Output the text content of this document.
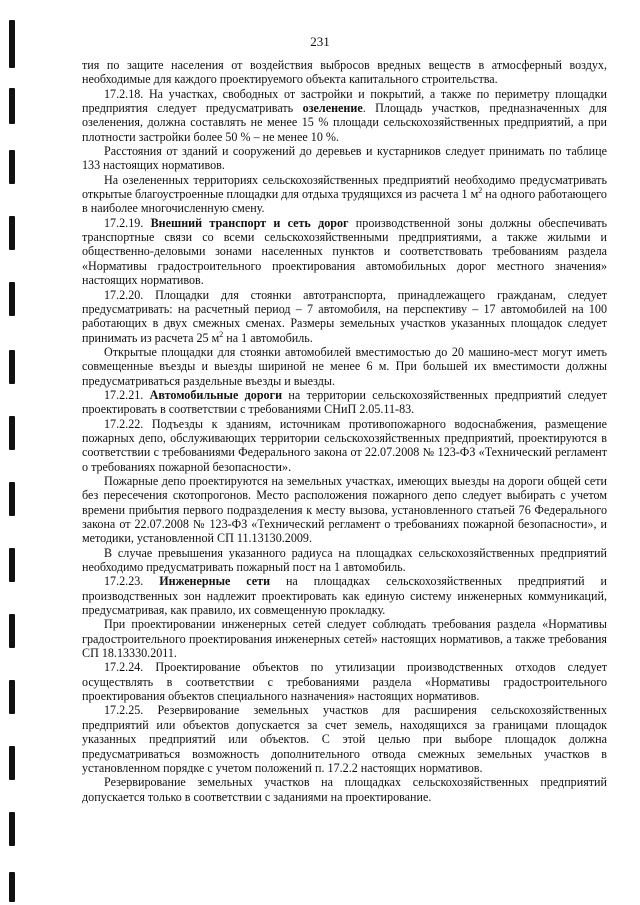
231

тия по защите населения от воздействия выбросов вредных веществ в атмосферный воздух, необходимые для каждого проектируемого объекта капитального строительства.

17.2.18. На участках, свободных от застройки и покрытий, а также по периметру площадки предприятия следует предусматривать озеленение. Площадь участков, предназначенных для озеленения, должна составлять не менее 15 % площади сельскохозяйственных предприятий, а при плотности застройки более 50 % – не менее 10 %.

Расстояния от зданий и сооружений до деревьев и кустарников следует принимать по таблице 133 настоящих нормативов.

На озелененных территориях сельскохозяйственных предприятий необходимо предусматривать открытые благоустроенные площадки для отдыха трудящихся из расчета 1 $м^2$ на одного работающего в наиболее многочисленную смену.

17.2.19. Внешний транспорт и сеть дорог производственной зоны должны обеспечивать транспортные связи со всеми сельскохозяйственными предприятиями, а также жилыми и общественно-деловыми зонами населенных пунктов и соответствовать требованиям раздела «Нормативы градостроительного проектирования автомобильных дорог местного значения» настоящих нормативов.

17.2.20. Площадки для стоянки автотранспорта, принадлежащего гражданам, следует предусматривать: на расчетный период – 7 автомобиля, на перспективу – 17 автомобилей на 100 работающих в двух смежных сменах. Размеры земельных участков указанных площадок следует принимать из расчета 25 $м^2$ на 1 автомобиль.

Открытые площадки для стоянки автомобилей вместимостью до 20 машино-мест могут иметь совмещенные въезды и выезды шириной не менее 6 м. При большей их вместимости должны предусматриваться раздельные въезды и выезды.

17.2.21. Автомобильные дороги на территории сельскохозяйственных предприятий следует проектировать в соответствии с требованиями СНиП 2.05.11-83.

17.2.22. Подъезды к зданиям, источникам противопожарного водоснабжения, размещение пожарных депо, обслуживающих территории сельскохозяйственных предприятий, проектируются в соответствии с требованиями Федерального закона от 22.07.2008 № 123-ФЗ «Технический регламент о требованиях пожарной безопасности».

Пожарные депо проектируются на земельных участках, имеющих выезды на дороги общей сети без пересечения скотопрогонов. Место расположения пожарного депо следует выбирать с учетом времени прибытия первого подразделения к месту вызова, установленного статьей 76 Федерального закона от 22.07.2008 № 123-ФЗ «Технический регламент о требованиях пожарной безопасности», и методики, установленной СП 11.13130.2009.

В случае превышения указанного радиуса на площадках сельскохозяйственных предприятий необходимо предусматривать пожарный пост на 1 автомобиль.

17.2.23. Инженерные сети на площадках сельскохозяйственных предприятий и производственных зон надлежит проектировать как единую систему инженерных коммуникаций, предусматривая, как правило, их совмещенную прокладку.

При проектировании инженерных сетей следует соблюдать требования раздела «Нормативы градостроительного проектирования инженерных сетей» настоящих нормативов, а также требования СП 18.13330.2011.

17.2.24. Проектирование объектов по утилизации производственных отходов следует осуществлять в соответствии с требованиями раздела «Нормативы градостроительного проектирования объектов специального назначения» настоящих нормативов.

17.2.25. Резервирование земельных участков для расширения сельскохозяйственных предприятий или объектов допускается за счет земель, находящихся за границами площадок указанных предприятий или объектов. С этой целью при выборе площадок должна предусматриваться возможность дополнительного отвода смежных земельных участков в установленном порядке с учетом положений п. 17.2.2 настоящих нормативов.

Резервирование земельных участков на площадках сельскохозяйственных предприятий допускается только в соответствии с заданиями на проектирование.
